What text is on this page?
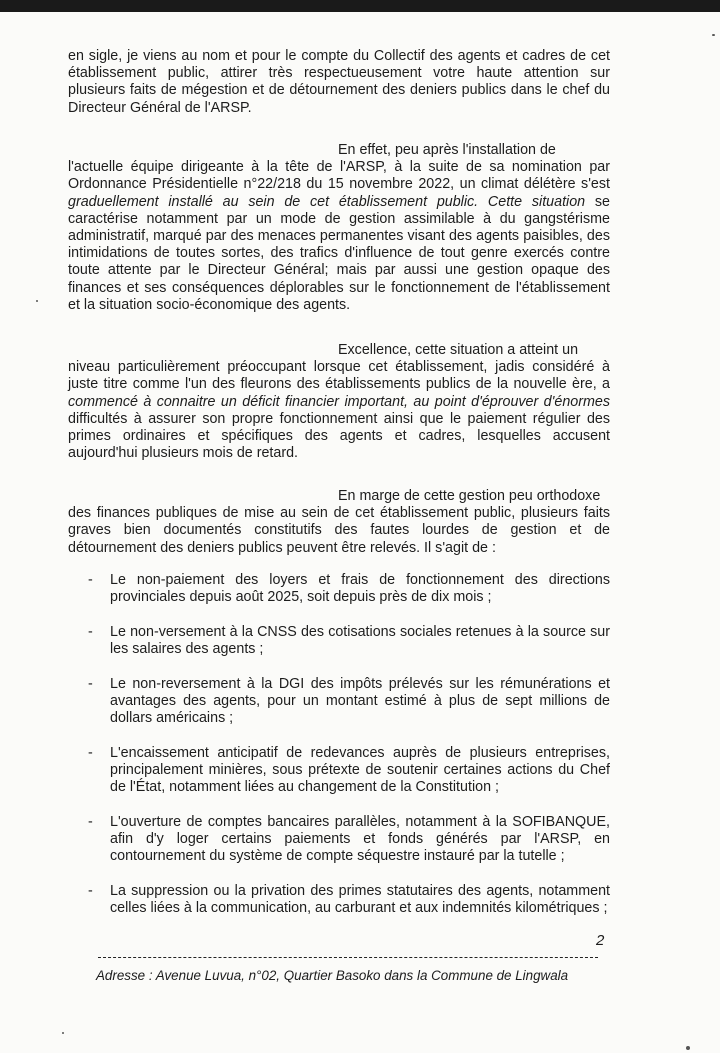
en sigle, je viens au nom et pour le compte du Collectif des agents et cadres de cet établissement public, attirer très respectueusement votre haute attention sur plusieurs faits de mégestion et de détournement des deniers publics dans le chef du Directeur Général de l'ARSP.

En effet, peu après l'installation de
l'actuelle équipe dirigeante à la tête de l'ARSP, à la suite de sa nomination par Ordonnance Présidentielle n°22/218 du 15 novembre 2022, un climat délétère s'est graduellement installé au sein de cet établissement public. Cette situation se caractérise notamment par un mode de gestion assimilable à du gangstérisme administratif, marqué par des menaces permanentes visant des agents paisibles, des intimidations de toutes sortes, des trafics d'influence de tout genre exercés contre toute attente par le Directeur Général; mais par aussi une gestion opaque des finances et ses conséquences déplorables sur le fonctionnement de l'établissement et la situation socio-économique des agents.

Excellence, cette situation a atteint un
niveau particulièrement préoccupant lorsque cet établissement, jadis considéré à juste titre comme l'un des fleurons des établissements publics de la nouvelle ère, a commencé à connaitre un déficit financier important, au point d'éprouver d'énormes difficultés à assurer son propre fonctionnement ainsi que le paiement régulier des primes ordinaires et spécifiques des agents et cadres, lesquelles accusent aujourd'hui plusieurs mois de retard.

En marge de cette gestion peu orthodoxe
des finances publiques de mise au sein de cet établissement public, plusieurs faits graves bien documentés constitutifs des fautes lourdes de gestion et de détournement des deniers publics peuvent être relevés. Il s'agit de :

- Le non-paiement des loyers et frais de fonctionnement des directions provinciales depuis août 2025, soit depuis près de dix mois ;
- Le non-versement à la CNSS des cotisations sociales retenues à la source sur les salaires des agents ;
- Le non-reversement à la DGI des impôts prélevés sur les rémunérations et avantages des agents, pour un montant estimé à plus de sept millions de dollars américains ;
- L'encaissement anticipatif de redevances auprès de plusieurs entreprises, principalement minières, sous prétexte de soutenir certaines actions du Chef de l'État, notamment liées au changement de la Constitution ;
- L'ouverture de comptes bancaires parallèles, notamment à la SOFIBANQUE, afin d'y loger certains paiements et fonds générés par l'ARSP, en contournement du système de compte séquestre instauré par la tutelle ;
- La suppression ou la privation des primes statutaires des agents, notamment celles liées à la communication, au carburant et aux indemnités kilométriques ;
2
Adresse : Avenue Luvua, n°02, Quartier Basoko dans la Commune de Lingwala
